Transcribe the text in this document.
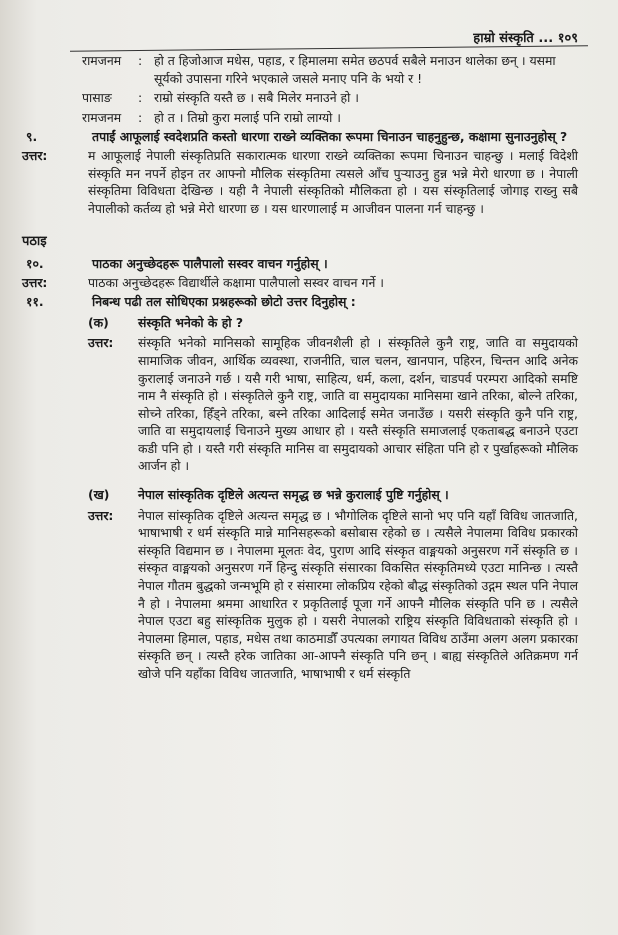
हाम्रो संस्कृति ... १०९
रामजनम	: हो त हिजोआज मधेस, पहाड, र हिमालमा समेत छठपर्व सबैले मनाउन थालेका छन् । यसमा सूर्यको उपासना गरिने भएकाले जसले मनाए पनि के भयो र !
पासाङ	: राम्रो संस्कृति यस्तै छ । सबै मिलेर मनाउने हो ।
रामजनम	: हो त । तिम्रो कुरा मलाई पनि राम्रो लाग्यो ।
९.	तपाईं आफूलाई स्वदेशप्रति कस्तो धारणा राख्ने व्यक्तिका रूपमा चिनाउन चाहनुहुन्छ, कक्षामा सुनाउनुहोस् ?
उत्तर:	म आफूलाई नेपाली संस्कृतिप्रति सकारात्मक धारणा राख्ने व्यक्तिका रूपमा चिनाउन चाहन्छु । मलाई विदेशी संस्कृति मन नपर्ने होइन तर आफ्नो मौलिक संस्कृतिमा त्यसले आँच पुऱ्याउनु हुन्न भन्ने मेरो धारणा छ । नेपाली संस्कृतिमा विविधता देखिन्छ । यही नै नेपाली संस्कृतिको मौलिकता हो । यस संस्कृतिलाई जोगाइ राख्नु सबै नेपालीको कर्तव्य हो भन्ने मेरो धारणा छ । यस धारणालाई म आजीवन पालना गर्न चाहन्छु ।
पठाइ
१०.	पाठका अनुच्छेदहरू पालैपालो सस्वर वाचन गर्नुहोस् ।
उत्तर:	पाठका अनुच्छेदहरू विद्यार्थीले कक्षामा पालैपालो सस्वर वाचन गर्ने ।
११.	निबन्ध पढी तल सोधिएका प्रश्नहरूको छोटो उत्तर दिनुहोस् :
(क)	संस्कृति भनेको के हो ?
उत्तर:	संस्कृति भनेको मानिसको सामूहिक जीवनशैली हो । संस्कृतिले कुनै राष्ट्र, जाति वा समुदायको सामाजिक जीवन, आर्थिक व्यवस्था, राजनीति, चाल चलन, खानपान, पहिरन, चिन्तन आदि अनेक कुरालाई जनाउने गर्छ । यसै गरी भाषा, साहित्य, धर्म, कला, दर्शन, चाडपर्व परम्परा आदिको समष्टि नाम नै संस्कृति हो । संस्कृतिले कुनै राष्ट्र, जाति वा समुदायका मानिसमा खाने तरिका, बोल्ने तरिका, सोच्ने तरिका, हिँड्ने तरिका, बस्ने तरिका आदिलाई समेत जनाउँछ । यसरी संस्कृति कुनै पनि राष्ट्र, जाति वा समुदायलाई चिनाउने मुख्य आधार हो । यस्तै संस्कृति समाजलाई एकताबद्ध बनाउने एउटा कडी पनि हो । यस्तै गरी संस्कृति मानिस वा समुदायको आचार संहिता पनि हो र पुर्खाहरूको मौलिक आर्जन हो ।
(ख)	नेपाल सांस्कृतिक दृष्टिले अत्यन्त समृद्ध छ भन्ने कुरालाई पुष्टि गर्नुहोस् ।
उत्तर:	नेपाल सांस्कृतिक दृष्टिले अत्यन्त समृद्ध छ । भौगोलिक दृष्टिले सानो भए पनि यहाँ विविध जातजाति, भाषाभाषी र धर्म संस्कृति मान्ने मानिसहरूको बसोबास रहेको छ । त्यसैले नेपालमा विविध प्रकारको संस्कृति विद्यमान छ । नेपालमा मूलतः वेद, पुराण आदि संस्कृत वाङ्मयको अनुसरण गर्ने संस्कृति छ । संस्कृत वाङ्मयको अनुसरण गर्ने हिन्दु संस्कृति संसारका विकसित संस्कृतिमध्ये एउटा मानिन्छ । त्यस्तै नेपाल गौतम बुद्धको जन्मभूमि हो र संसारमा लोकप्रिय रहेको बौद्ध संस्कृतिको उद्गम स्थल पनि नेपाल नै हो । नेपालमा श्रममा आधारित र प्रकृतिलाई पूजा गर्ने आफ्नै मौलिक संस्कृति पनि छ । त्यसैले नेपाल एउटा बहु सांस्कृतिक मुलुक हो । यसरी नेपालको राष्ट्रिय संस्कृति विविधताको संस्कृति हो । नेपालमा हिमाल, पहाड, मधेस तथा काठमाडौँ उपत्यका लगायत विविध ठाउँमा अलग अलग प्रकारका संस्कृति छन् । त्यस्तै हरेक जातिका आ-आफ्नै संस्कृति पनि छन् । बाह्य संस्कृतिले अतिक्रमण गर्न खोजे पनि यहाँका विविध जातजाति, भाषाभाषी र धर्म संस्कृति
